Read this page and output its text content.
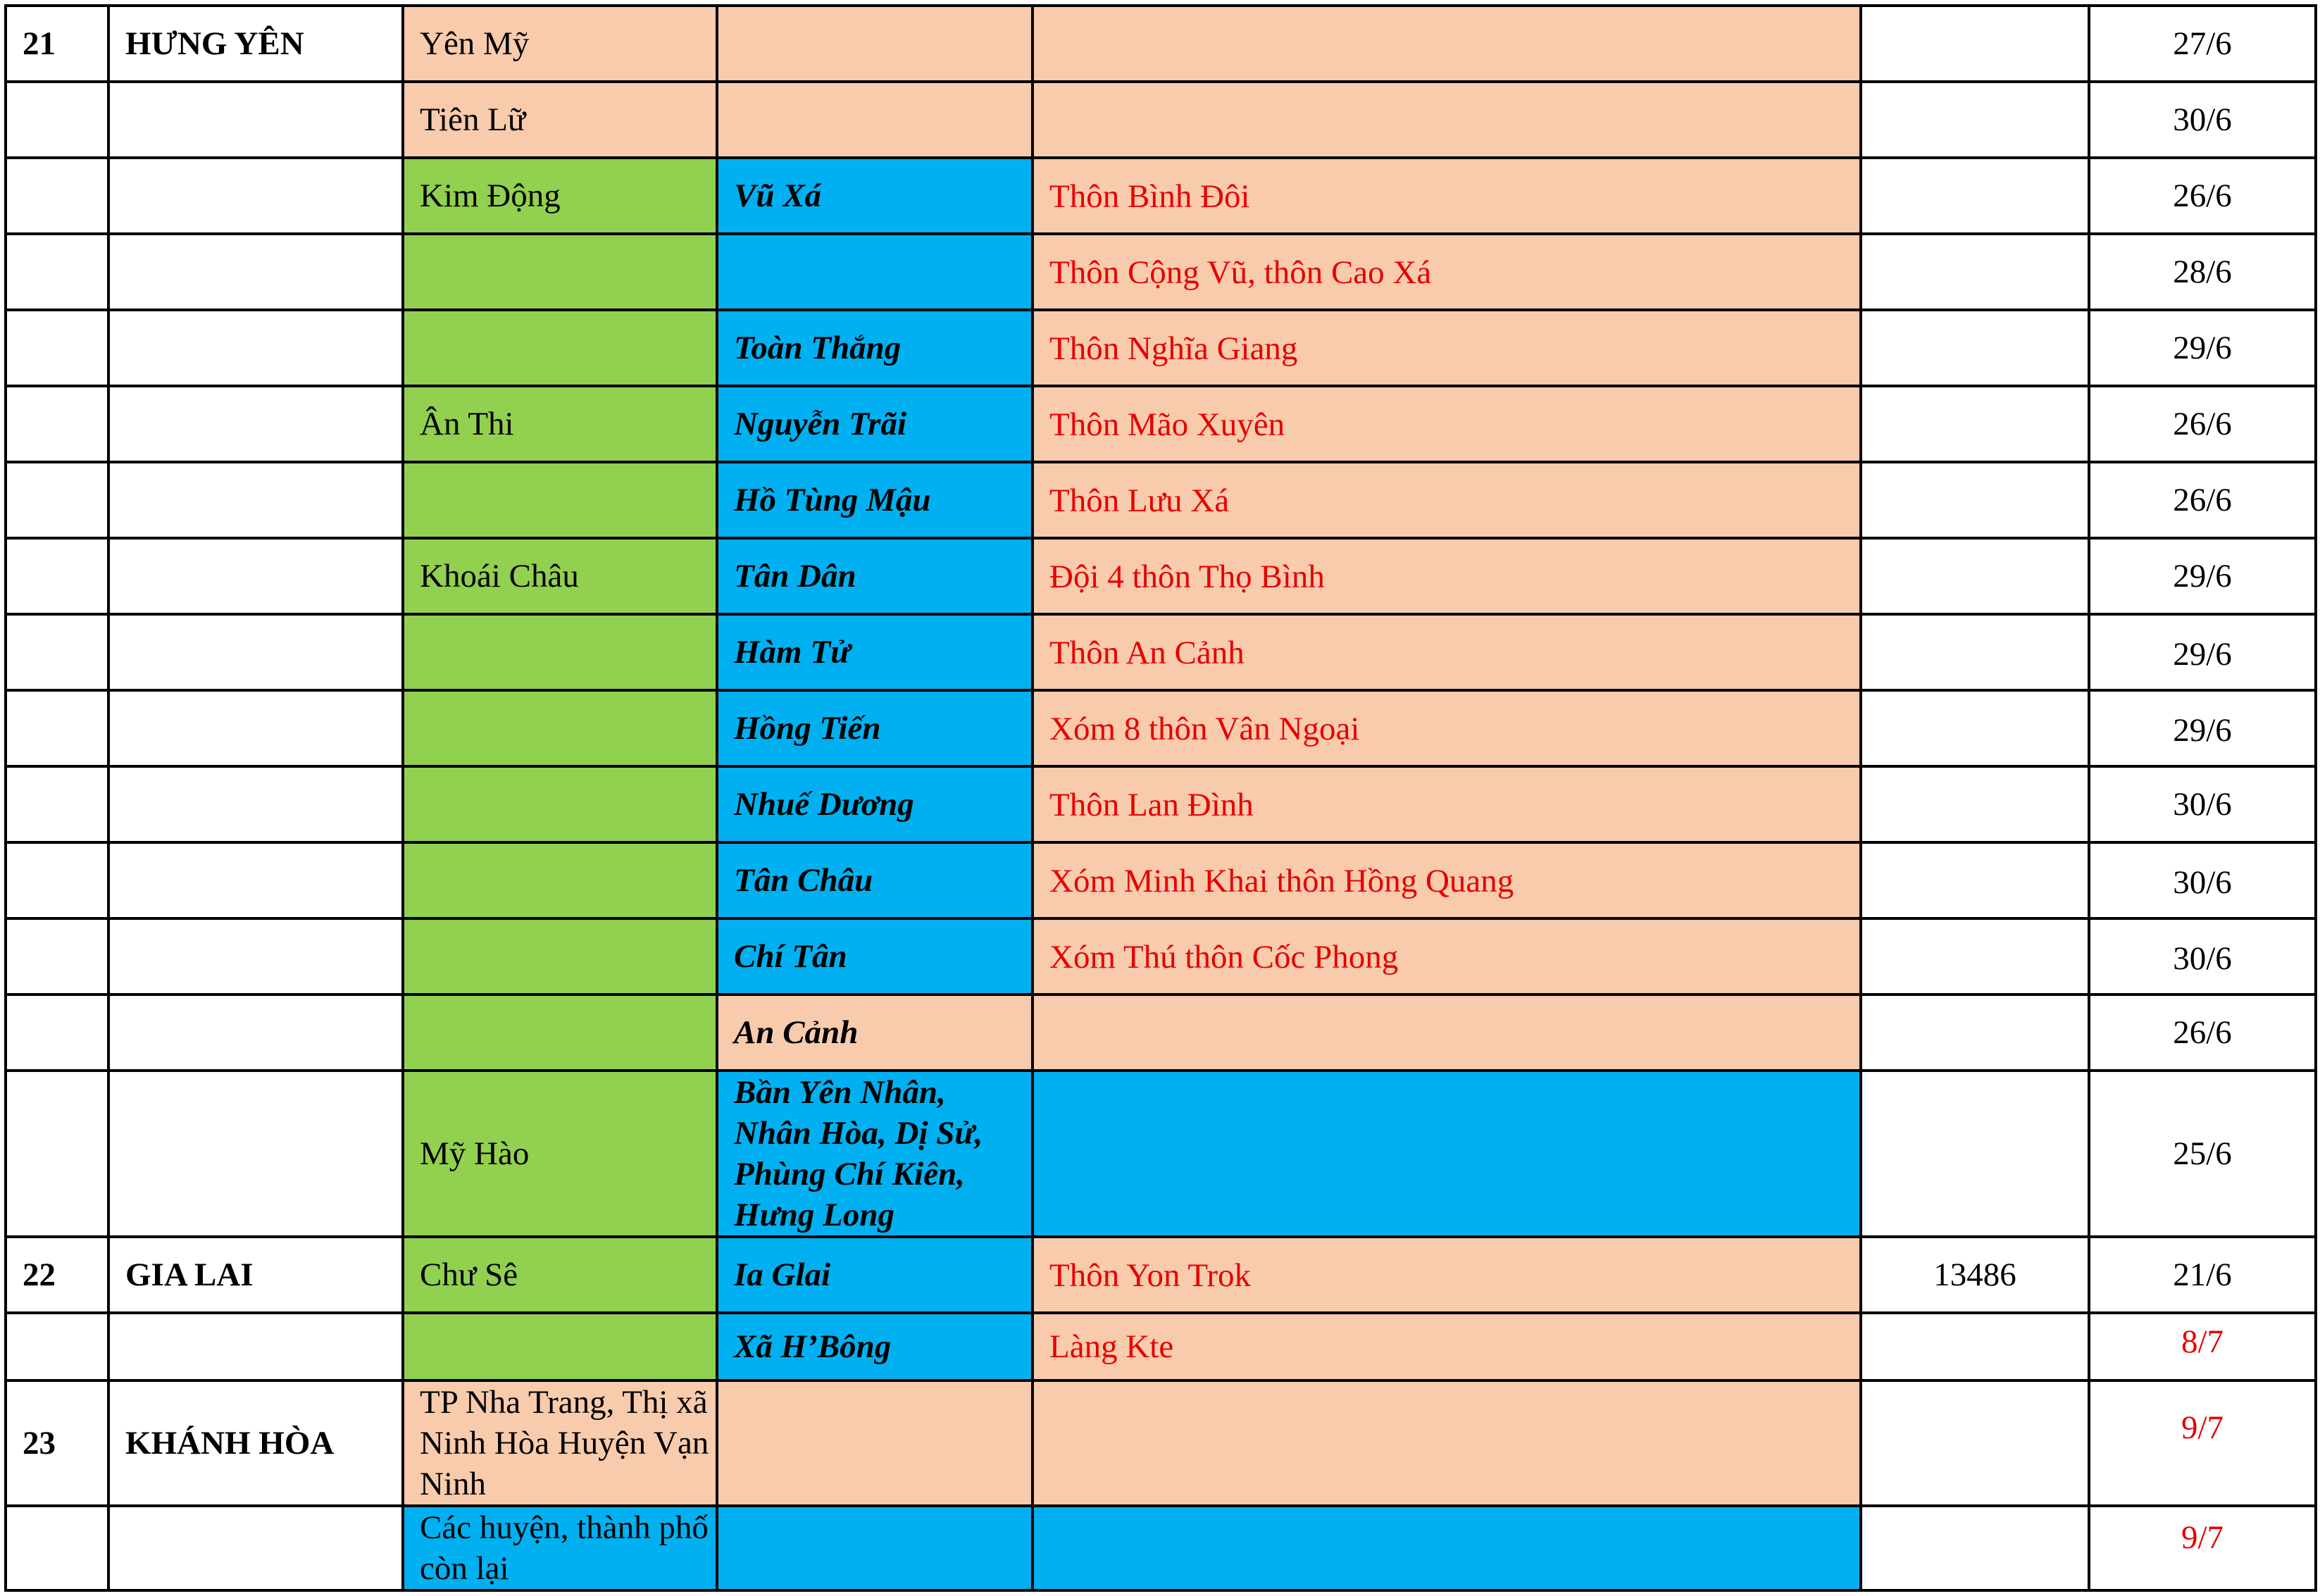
21	HƯNG YÊN	Yên Mỹ				27/6
		Tiên Lữ				30/6
		Kim Động	Vũ Xá	Thôn Bình Đôi		26/6
				Thôn Cộng Vũ, thôn Cao Xá		28/6
			Toàn Thắng	Thôn Nghĩa Giang		29/6
		Ân Thi	Nguyễn Trãi	Thôn Mão Xuyên		26/6
			Hồ Tùng Mậu	Thôn Lưu Xá		26/6
		Khoái Châu	Tân Dân	Đội 4 thôn Thọ Bình		29/6
			Hàm Tử	Thôn An Cảnh		29/6
			Hồng Tiến	Xóm 8 thôn Vân Ngoại		29/6
			Nhuế Dương	Thôn Lan Đình		30/6
			Tân Châu	Xóm Minh Khai thôn Hồng Quang		30/6
			Chí Tân	Xóm Thú thôn Cốc Phong		30/6
			An Cảnh			26/6
		Mỹ Hào	Bần Yên Nhân, Nhân Hòa, Dị Sử, Phùng Chí Kiên, Hưng Long			25/6
22	GIA LAI	Chư Sê	Ia Glai	Thôn Yon Trok	13486	21/6
			Xã H’Bông	Làng Kte		8/7
23	KHÁNH HÒA	TP Nha Trang, Thị xã Ninh Hòa Huyện Vạn Ninh				9/7
		Các huyện, thành phố còn lại				9/7
